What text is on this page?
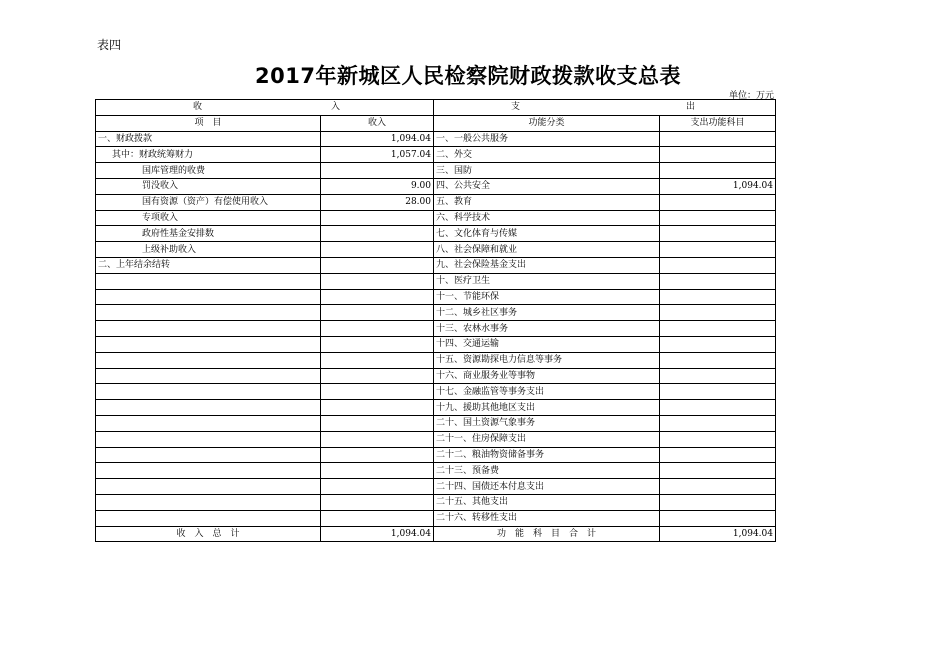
表四
2017年新城区人民检察院财政拨款收支总表
单位：万元
收 入		支 出	

项　目	收入	功能分类	支出功能科目
一、财政拨款	1,094.04	一、一般公共服务	
其中：财政统筹财力	1,057.04	二、外交	
国库管理的收费		三、国防	
罚没收入	9.00	四、公共安全	1,094.04
国有资源（资产）有偿使用收入	28.00	五、教育	
专项收入		六、科学技术	
政府性基金安排数		七、文化体育与传媒	
上级补助收入		八、社会保障和就业	
二、上年结余结转		九、社会保险基金支出	
		十、医疗卫生	
		十一、节能环保	
		十二、城乡社区事务	
		十三、农林水事务	
		十四、交通运输	
		十五、资源勘探电力信息等事务	
		十六、商业服务业等事物	
		十七、金融监管等事务支出	
		十九、援助其他地区支出	
		二十、国土资源气象事务	
		二十一、住房保障支出	
		二十二、粮油物资储备事务	
		二十三、预备费	
		二十四、国债还本付息支出	
		二十五、其他支出	
		二十六、转移性支出	
收　入　总　计	1,094.04	功　能　科　目　合　计	1,094.04
